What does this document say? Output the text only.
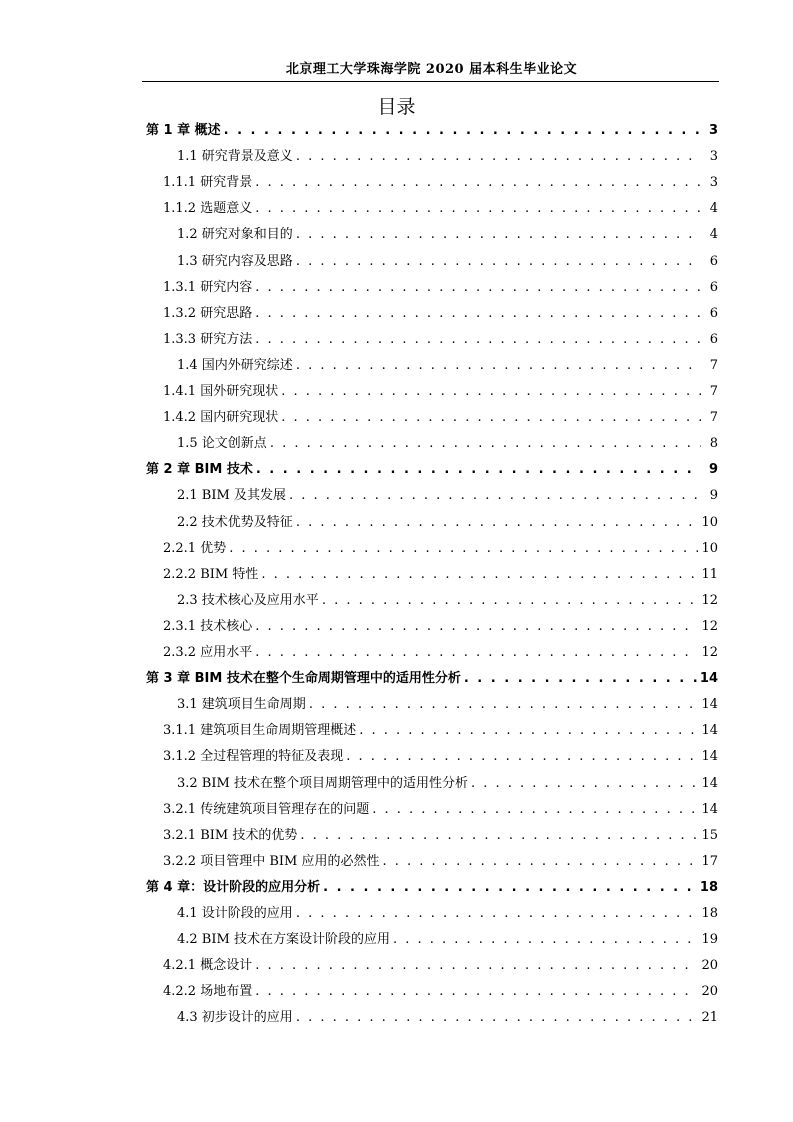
北京理工大学珠海学院 2020 届本科生毕业论文
目录
第 1 章 概述 . . .	3
1.1 研究背景及意义 . . .	3
1.1.1 研究背景 . . .	3
1.1.2 选题意义 . . .	4
1.2 研究对象和目的 . . .	4
1.3 研究内容及思路 . . .	6
1.3.1 研究内容 . . .	6
1.3.2 研究思路 . . .	6
1.3.3 研究方法 . . .	6
1.4 国内外研究综述 . . .	7
1.4.1 国外研究现状 . . .	7
1.4.2 国内研究现状 . . .	7
1.5 论文创新点 . . .	8
第 2 章 BIM 技术 . . .	9
2.1 BIM 及其发展 . . .	9
2.2 技术优势及特征 . . .	10
2.2.1 优势 . . .	10
2.2.2 BIM 特性 . . .	11
2.3 技术核心及应用水平 . . .	12
2.3.1 技术核心 . . .	12
2.3.2 应用水平 . . .	12
第 3 章 BIM 技术在整个生命周期管理中的适用性分析 . . .	14
3.1 建筑项目生命周期 . . .	14
3.1.1 建筑项目生命周期管理概述 . . .	14
3.1.2 全过程管理的特征及表现 . . .	14
3.2 BIM 技术在整个项目周期管理中的适用性分析 . . .	14
3.2.1 传统建筑项目管理存在的问题 . . .	14
3.2.1 BIM 技术的优势 . . .	15
3.2.2 项目管理中 BIM 应用的必然性 . . .	17
第 4 章：设计阶段的应用分析 . . .	18
4.1 设计阶段的应用 . . .	18
4.2 BIM 技术在方案设计阶段的应用 . . .	19
4.2.1 概念设计 . . .	20
4.2.2 场地布置 . . .	20
4.3 初步设计的应用 . . .	21
